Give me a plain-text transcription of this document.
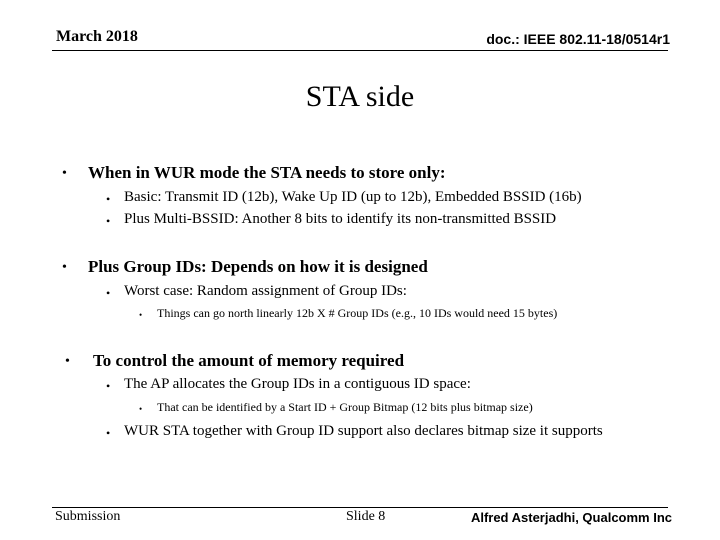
March 2018	doc.: IEEE 802.11-18/0514r1
STA side
• When in WUR mode the STA needs to store only:
• Basic: Transmit ID (12b), Wake Up ID (up to 12b), Embedded BSSID (16b)
• Plus Multi-BSSID: Another 8 bits to identify its non-transmitted BSSID
• Plus Group IDs: Depends on how it is designed
• Worst case: Random assignment of Group IDs:
• Things can go north linearly 12b X # Group IDs (e.g., 10 IDs would need 15 bytes)
• To control the amount of memory required
• The AP allocates the Group IDs in a contiguous ID space:
• That can be identified by a Start ID + Group Bitmap (12 bits plus bitmap size)
• WUR STA together with Group ID support also declares bitmap size it supports
Submission	Slide 8	Alfred Asterjadhi, Qualcomm Inc
